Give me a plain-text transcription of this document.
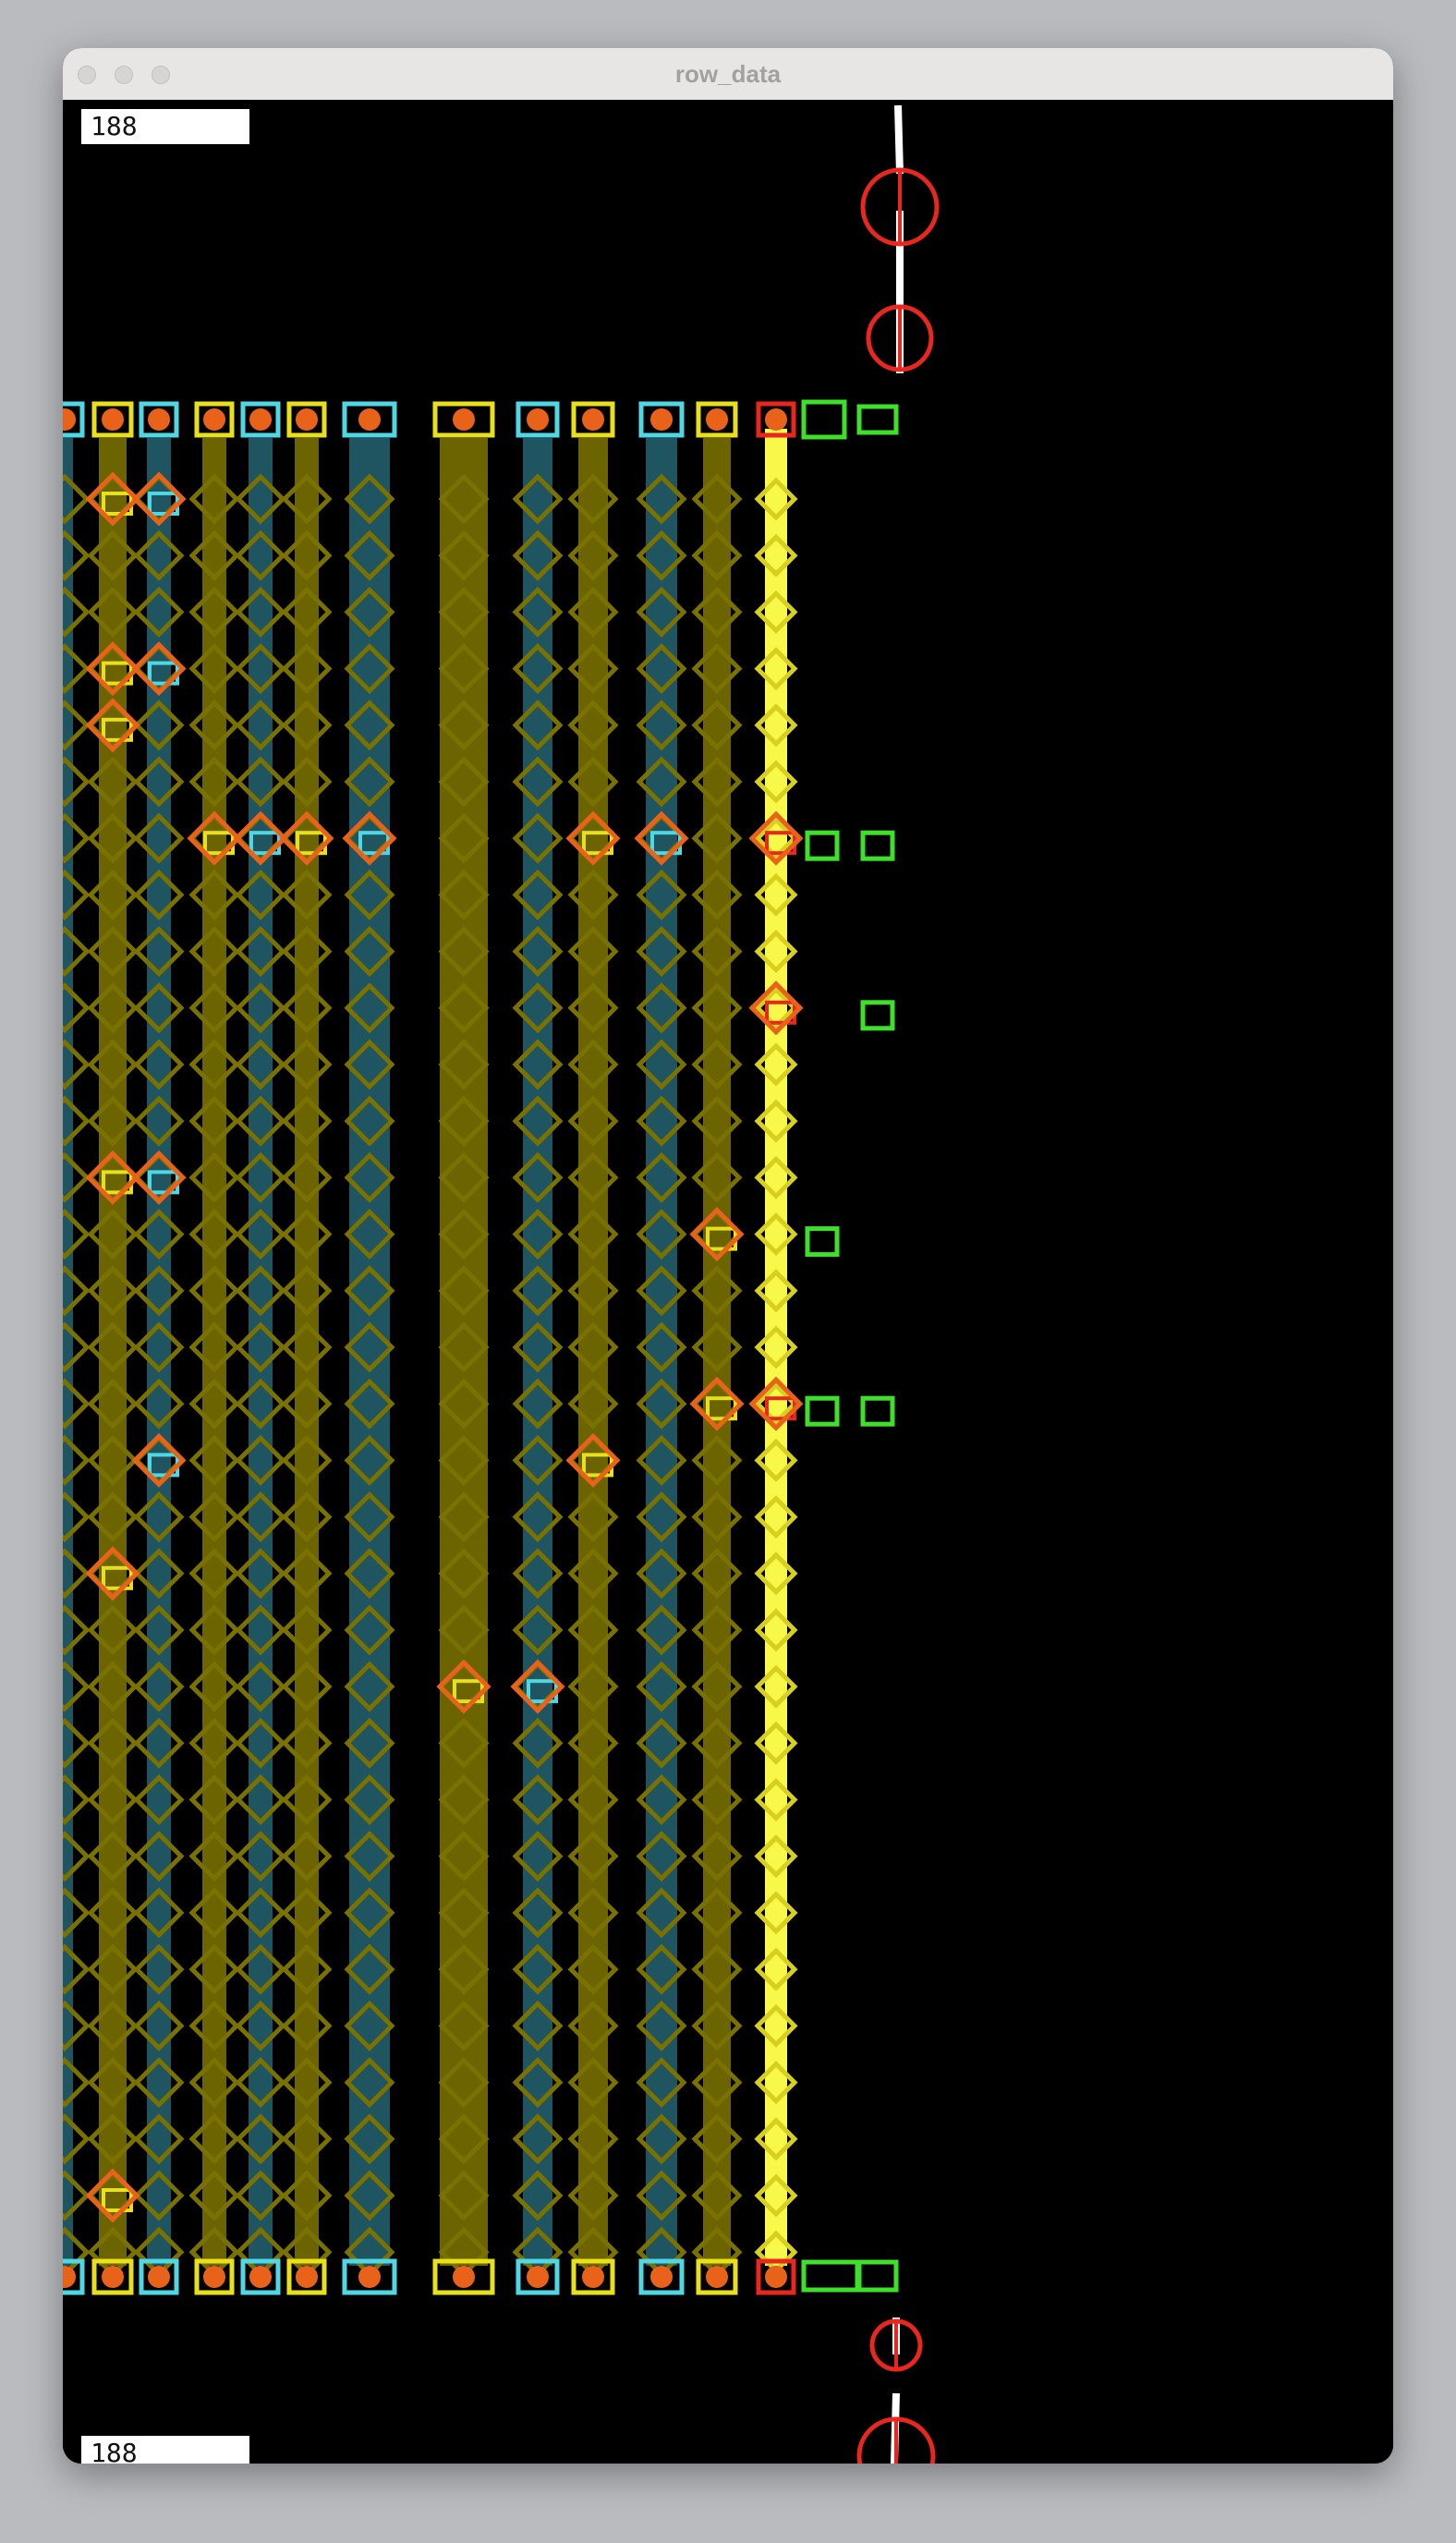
row_data
188
188
